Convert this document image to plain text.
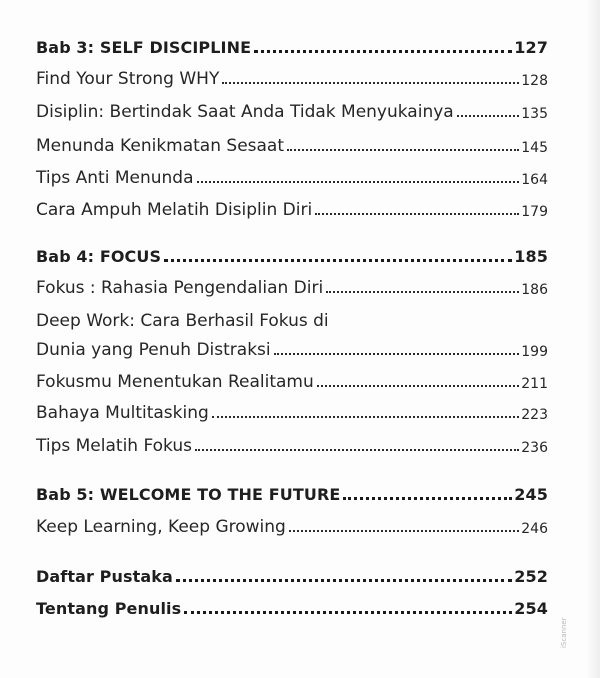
Bab 3: SELF DISCIPLINE	127
Find Your Strong WHY	128
Disiplin: Bertindak Saat Anda Tidak Menyukainya	135
Menunda Kenikmatan Sesaat	145
Tips Anti Menunda	164
Cara Ampuh Melatih Disiplin Diri	179
Bab 4: FOCUS	185
Fokus : Rahasia Pengendalian Diri	186
Deep Work: Cara Berhasil Fokus di
Dunia yang Penuh Distraksi	199
Fokusmu Menentukan Realitamu	211
Bahaya Multitasking	223
Tips Melatih Fokus	236
Bab 5: WELCOME TO THE FUTURE	245
Keep Learning, Keep Growing	246
Daftar Pustaka	252
Tentang Penulis	254
iScanner
